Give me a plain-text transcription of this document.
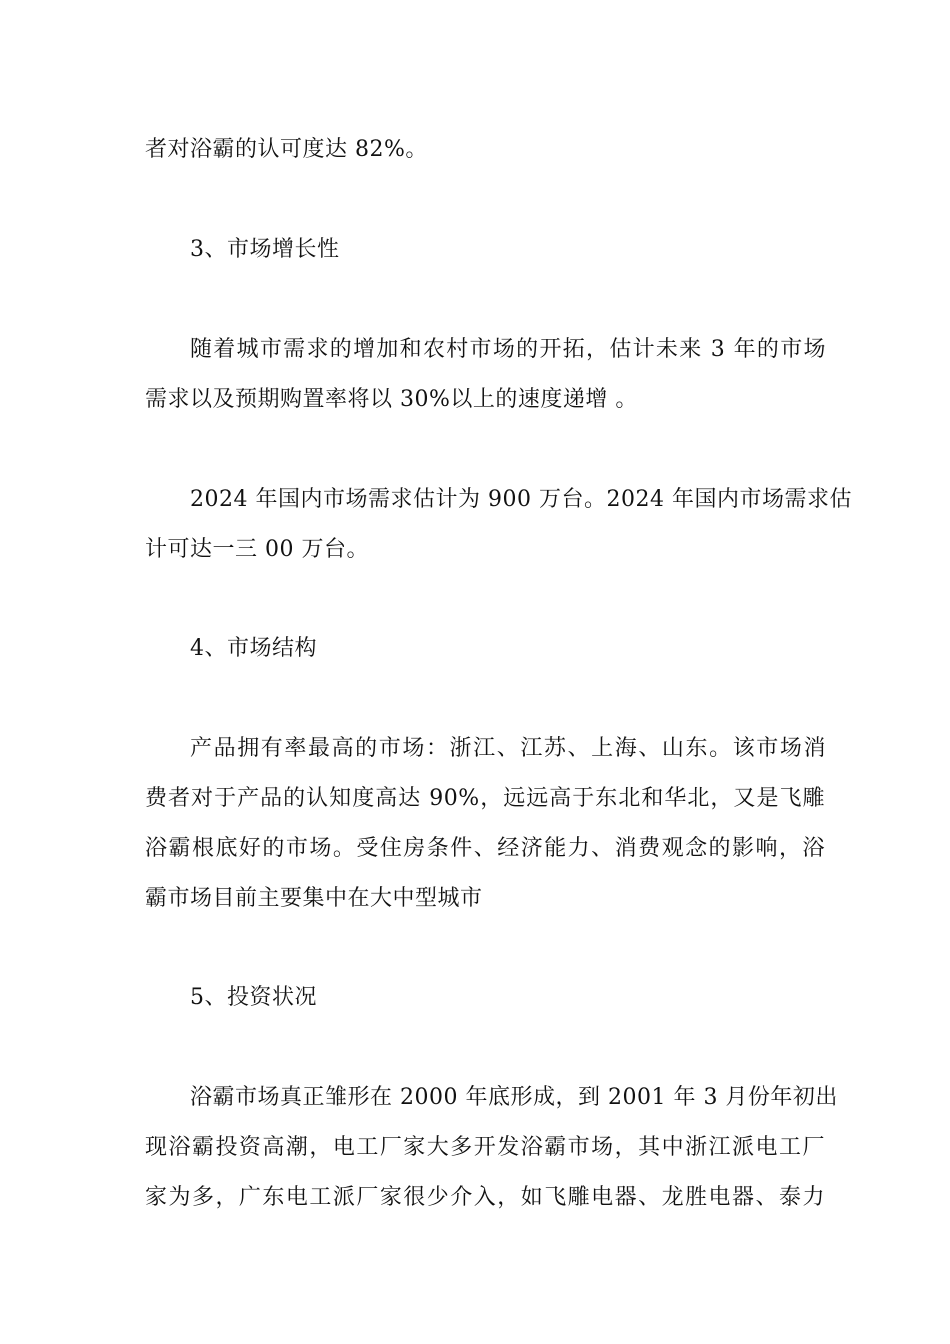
者对浴霸的认可度达 82%。
3、市场增长性
随着城市需求的增加和农村市场的开拓，估计未来 3 年的市场
需求以及预期购置率将以 30%以上的速度递增 。
2024 年国内市场需求估计为 900 万台。2024 年国内市场需求估
计可达一三 00 万台。
4、市场结构
产品拥有率最高的市场：浙江、江苏、上海、山东。该市场消
费者对于产品的认知度高达 90%，远远高于东北和华北，又是飞雕
浴霸根底好的市场。受住房条件、经济能力、消费观念的影响，浴
霸市场目前主要集中在大中型城市
5、投资状况
浴霸市场真正雏形在 2000 年底形成，到 2001 年 3 月份年初出
现浴霸投资高潮，电工厂家大多开发浴霸市场，其中浙江派电工厂
家为多，广东电工派厂家很少介入，如飞雕电器、龙胜电器、泰力
